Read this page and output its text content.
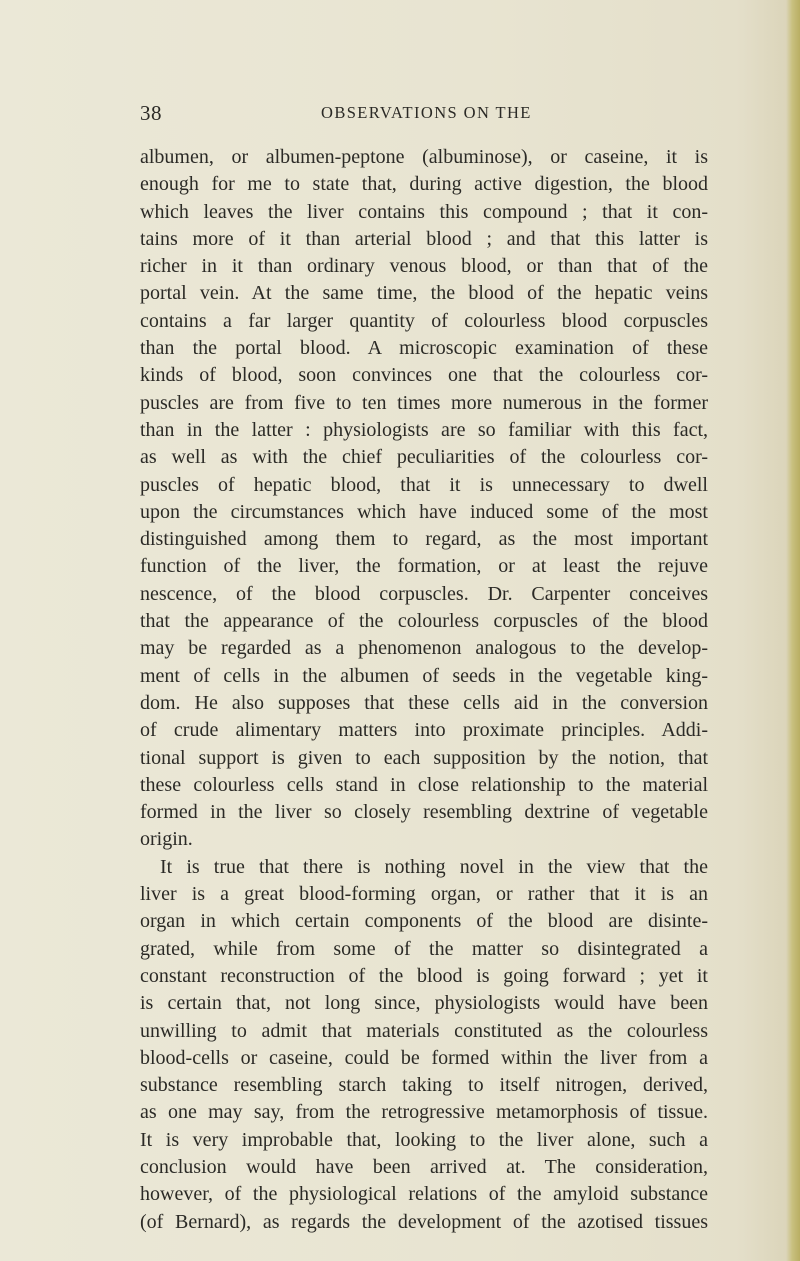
38	OBSERVATIONS ON THE
albumen, or albumen-peptone (albuminose), or caseine, it is
enough for me to state that, during active digestion, the blood
which leaves the liver contains this compound ; that it con-
tains more of it than arterial blood ; and that this latter is
richer in it than ordinary venous blood, or than that of the
portal vein. At the same time, the blood of the hepatic veins
contains a far larger quantity of colourless blood corpuscles
than the portal blood. A microscopic examination of these
kinds of blood, soon convinces one that the colourless cor-
puscles are from five to ten times more numerous in the former
than in the latter : physiologists are so familiar with this fact,
as well as with the chief peculiarities of the colourless cor-
puscles of hepatic blood, that it is unnecessary to dwell
upon the circumstances which have induced some of the most
distinguished among them to regard, as the most important
function of the liver, the formation, or at least the rejuve
nescence, of the blood corpuscles. Dr. Carpenter conceives
that the appearance of the colourless corpuscles of the blood
may be regarded as a phenomenon analogous to the develop-
ment of cells in the albumen of seeds in the vegetable king-
dom. He also supposes that these cells aid in the conversion
of crude alimentary matters into proximate principles. Addi-
tional support is given to each supposition by the notion, that
these colourless cells stand in close relationship to the material
formed in the liver so closely resembling dextrine of vegetable
origin.
It is true that there is nothing novel in the view that the
liver is a great blood-forming organ, or rather that it is an
organ in which certain components of the blood are disinte-
grated, while from some of the matter so disintegrated a
constant reconstruction of the blood is going forward ; yet it
is certain that, not long since, physiologists would have been
unwilling to admit that materials constituted as the colourless
blood-cells or caseine, could be formed within the liver from a
substance resembling starch taking to itself nitrogen, derived,
as one may say, from the retrogressive metamorphosis of tissue.
It is very improbable that, looking to the liver alone, such a
conclusion would have been arrived at. The consideration,
however, of the physiological relations of the amyloid substance
(of Bernard), as regards the development of the azotised tissues
